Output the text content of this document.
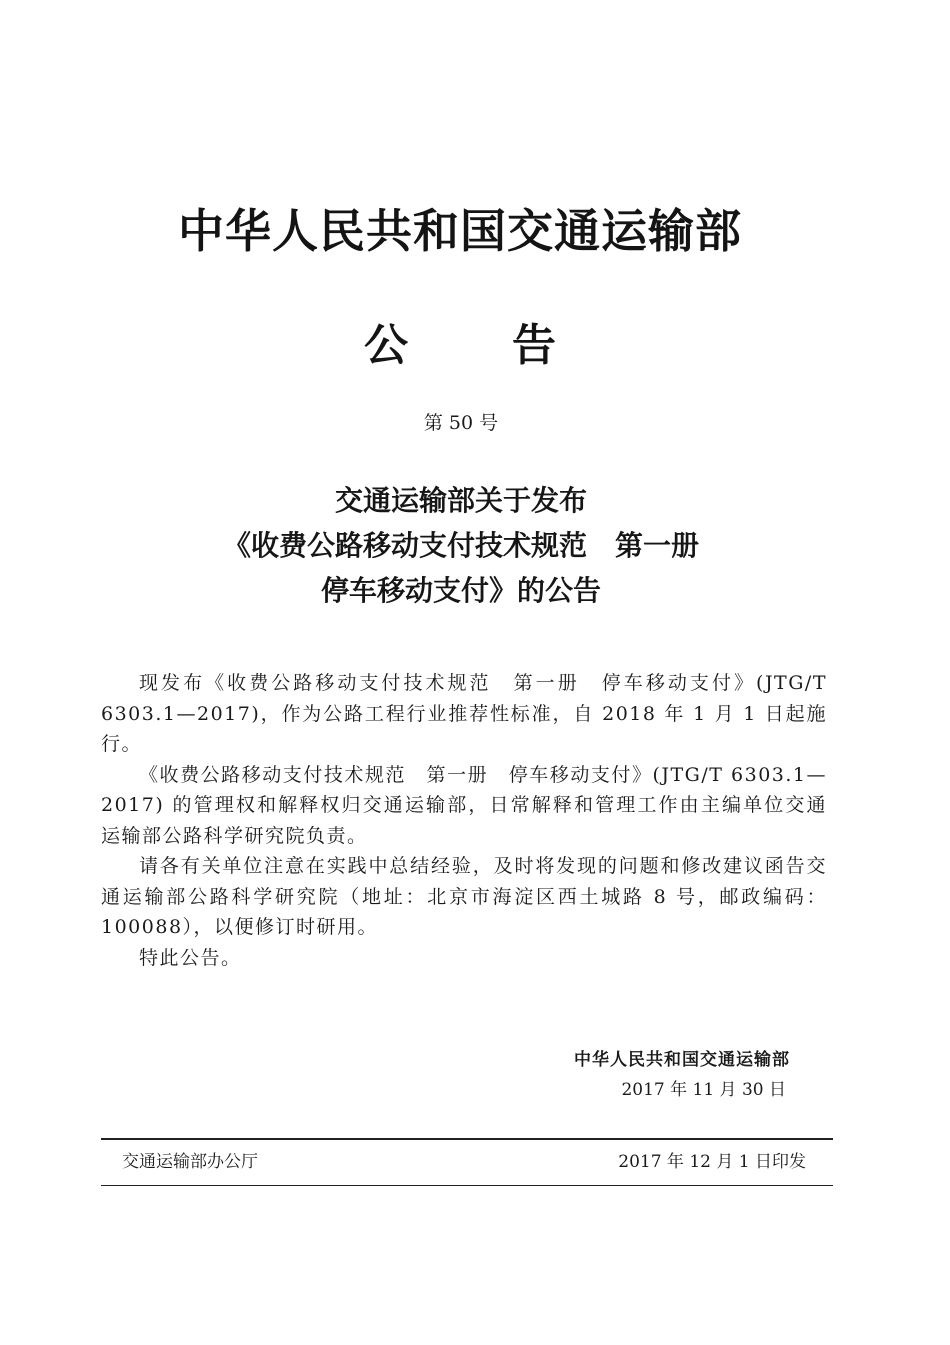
中华人民共和国交通运输部
公告
第 50 号
交通运输部关于发布
《收费公路移动支付技术规范　第一册
停车移动支付》的公告

现发布《收费公路移动支付技术规范　第一册　停车移动支付》(JTG/T 6303.1—2017)，作为公路工程行业推荐性标准，自 2018 年 1 月 1 日起施行。

《收费公路移动支付技术规范　第一册　停车移动支付》(JTG/T 6303.1—2017) 的管理权和解释权归交通运输部，日常解释和管理工作由主编单位交通运输部公路科学研究院负责。

请各有关单位注意在实践中总结经验，及时将发现的问题和修改建议函告交通运输部公路科学研究院（地址：北京市海淀区西土城路 8 号，邮政编码：100088），以便修订时研用。

特此公告。

中华人民共和国交通运输部
2017 年 11 月 30 日
交通运输部办公厅	2017 年 12 月 1 日印发
